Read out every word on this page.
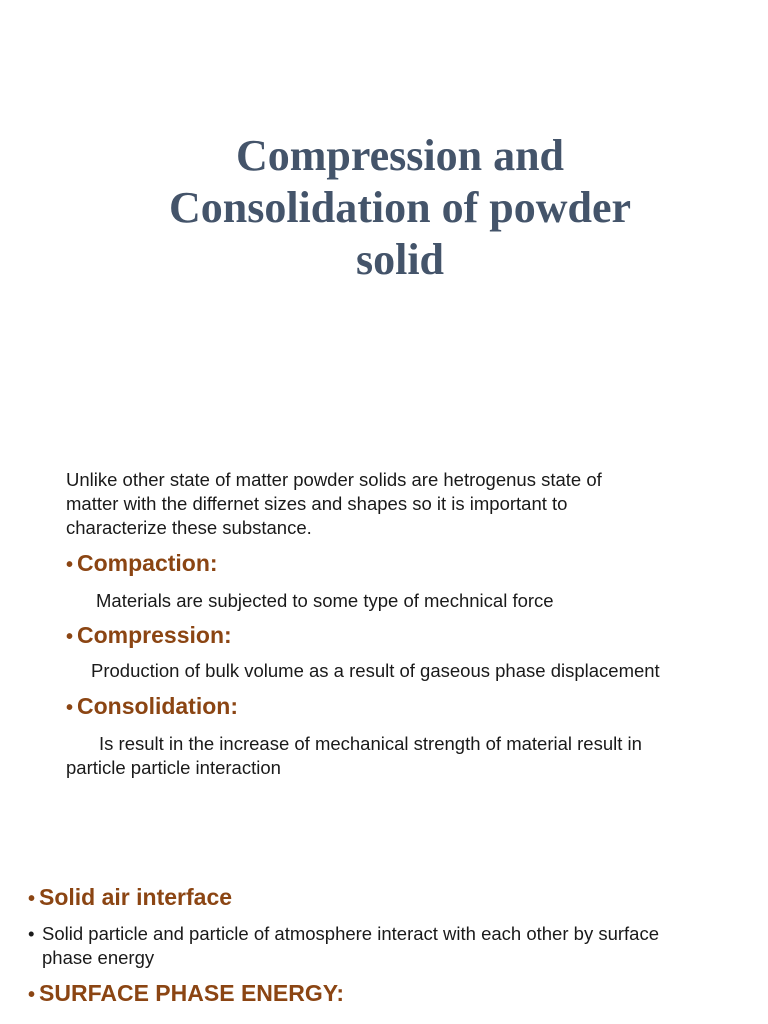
Compression and
Consolidation of powder
solid
Unlike other state of matter powder solids are hetrogenus state of
matter with the differnet sizes and shapes so it is important to
characterize these substance.
• Compaction:
Materials are subjected to some type of mechnical force
• Compression:
Production of bulk volume as a result of gaseous phase displacement
• Consolidation:
Is result in the increase of mechanical strength of material result in
particle particle interaction
• Solid air interface
• Solid particle and particle of atmosphere interact with each other by surface
phase energy
• SURFACE PHASE ENERGY:
